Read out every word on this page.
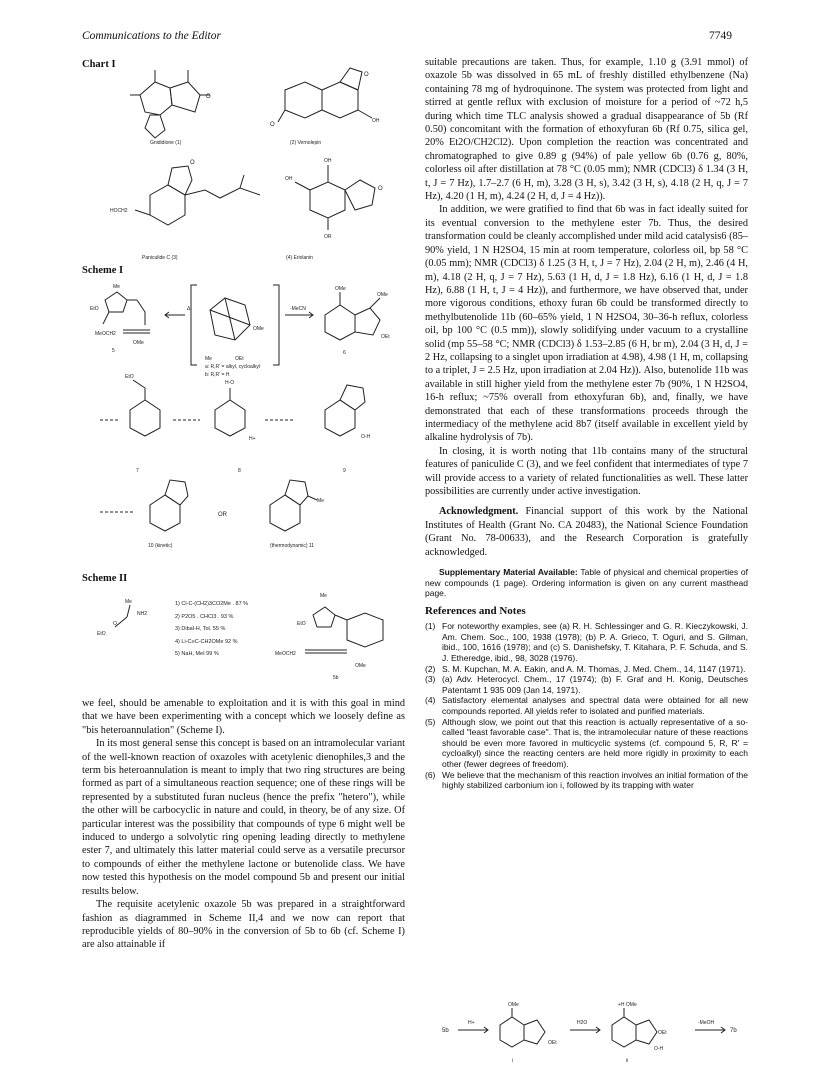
Communications to the Editor	7749
Chart I
Scheme I
Scheme II
O
O
OH
O
HOCH2
O
OH
OH
OR
O
Gnididione (1)	(2) Vernolepin
Paniculide C (3)	(4) Eriolanin
EtO
Me
MeOCH2
OMe
Me	OEt
OMe
OMe
OMe
OEt
EtO
H-O
H+	O-H
OR
Me
5
a: R,R' = alkyl, cycloalkyl
b: R,R' = H
-MeCN
Δ
6
7	8	9
10 (kinetic)	(thermodynamic) 11
Me
NH2
EtO
O
Me
EtO
MeOCH2
OMe
1) Cl-C-(CH2)3CO2Me . 87 %
2) P2O5 . CHCl3 . 93 %
3) Dibal-H, Tol. 55 %
4) Li-C≡C-CH2OMe 92 %
5) NaH, MeI 99 %
5b

we feel, should be amenable to exploitation and it is with this goal in mind that we have been experimenting with a concept which we loosely define as "bis heteroannulation" (Scheme I).

In its most general sense this concept is based on an intramolecular variant of the well-known reaction of oxazoles with acetylenic dienophiles,3 and the term bis heteroannulation is meant to imply that two ring structures are being formed as part of a simultaneous reaction sequence; one of these rings will be represented by a substituted furan nucleus (hence the prefix "hetero"), while the other will be carbocyclic in nature and could, in theory, be of any size. Of particular interest was the possibility that compounds of type 6 might well be induced to undergo a solvolytic ring opening leading directly to methylene ester 7, and ultimately this latter material could serve as a versatile precursor to compounds of either the methylene lactone or butenolide class. We have now tested this hypothesis on the model compound 5b and present our initial results below.

The requisite acetylenic oxazole 5b was prepared in a straightforward fashion as diagrammed in Scheme II,4 and we now can report that reproducible yields of 80–90% in the conversion of 5b to 6b (cf. Scheme I) are also attainable if

suitable precautions are taken. Thus, for example, 1.10 g (3.91 mmol) of oxazole 5b was dissolved in 65 mL of freshly distilled ethylbenzene (Na) containing 78 mg of hydroquinone. The system was protected from light and stirred at gentle reflux with exclusion of moisture for a period of ~72 h,5 during which time TLC analysis showed a gradual disappearance of 5b (Rf 0.50) concomitant with the formation of ethoxyfuran 6b (Rf 0.75, silica gel, 20% Et2O/CH2Cl2). Upon completion the reaction was concentrated and chromatographed to give 0.89 g (94%) of pale yellow 6b (0.76 g, 80%, colorless oil after distillation at 78 °C (0.05 mm); NMR (CDCl3) δ 1.34 (3 H, t, J = 7 Hz), 1.7–2.7 (6 H, m), 3.28 (3 H, s), 3.42 (3 H, s), 4.18 (2 H, q, J = 7 Hz), 4.20 (1 H, m), 4.24 (2 H, d, J = 4 Hz)).

In addition, we were gratified to find that 6b was in fact ideally suited for its eventual conversion to the methylene ester 7b. Thus, the desired transformation could be cleanly accomplished under mild acid catalysis6 (85–90% yield, 1 N H2SO4, 15 min at room temperature, colorless oil, bp 58 °C (0.05 mm); NMR (CDCl3) δ 1.25 (3 H, t, J = 7 Hz), 2.04 (2 H, m), 2.46 (4 H, m), 4.18 (2 H, q, J = 7 Hz), 5.63 (1 H, d, J = 1.8 Hz), 6.16 (1 H, d, J = 1.8 Hz), 6.88 (1 H, t, J = 4 Hz)), and furthermore, we have observed that, under more vigorous conditions, ethoxy furan 6b could be transformed directly to methylbutenolide 11b (60–65% yield, 1 N H2SO4, 30–36-h reflux, colorless oil, bp 100 °C (0.5 mm)), slowly solidifying under vacuum to a crystalline solid (mp 55–58 °C; NMR (CDCl3) δ 1.53–2.85 (6 H, br m), 2.04 (3 H, d, J = 2 Hz, collapsing to a singlet upon irradiation at 4.98), 4.98 (1 H, m, collapsing to a triplet, J = 2.5 Hz, upon irradiation at 2.04 Hz)). Also, butenolide 11b was available in still higher yield from the methylene ester 7b (90%, 1 N H2SO4, 16-h reflux; ~75% overall from ethoxyfuran 6b), and, finally, we have demonstrated that each of these transformations proceeds through the intermediacy of the methylene acid 8b7 (itself available in excellent yield by alkaline hydrolysis of 7b).

In closing, it is worth noting that 11b contains many of the structural features of paniculide C (3), and we feel confident that intermediates of type 7 will provide access to a variety of related functionalities as well. These latter possibilities are currently under active investigation.

Acknowledgment. Financial support of this work by the National Institutes of Health (Grant No. CA 20483), the National Science Foundation (Grant No. 78-00633), and the Research Corporation is gratefully acknowledged.

Supplementary Material Available: Table of physical and chemical properties of new compounds (1 page). Ordering information is given on any current masthead page.

References and Notes
(1) For noteworthy examples, see (a) R. H. Schlessinger and G. R. Kieczykowski, J. Am. Chem. Soc., 100, 1938 (1978); (b) P. A. Grieco, T. Oguri, and S. Gilman, ibid., 100, 1616 (1978); and (c) S. Danishefsky, T. Kitahara, P. F. Schuda, and S. J. Etheredge, ibid., 98, 3028 (1976).
(2) S. M. Kupchan, M. A. Eakin, and A. M. Thomas, J. Med. Chem., 14, 1147 (1971).
(3) (a) Adv. Heterocycl. Chem., 17 (1974); (b) F. Graf and H. Konig, Deutsches Patentamt 1 935 009 (Jan 14, 1971).
(4) Satisfactory elemental analyses and spectral data were obtained for all new compounds reported. All yields refer to isolated and purified materials.
(5) Although slow, we point out that this reaction is actually representative of a so-called "least favorable case". That is, the intramolecular nature of these reactions should be even more favored in multicyclic systems (cf. compound 5, R, R' = cycloalkyl) since the reacting centers are held more rigidly in proximity to each other (fewer degrees of freedom).
(6) We believe that the mechanism of this reaction involves an initial formation of the highly stabilized carbonium ion i, followed by its trapping with water
5b
H+
OMe
OEt
i
H2O
+H OMe
OEt
O-H
ii
-MeOH
7b
